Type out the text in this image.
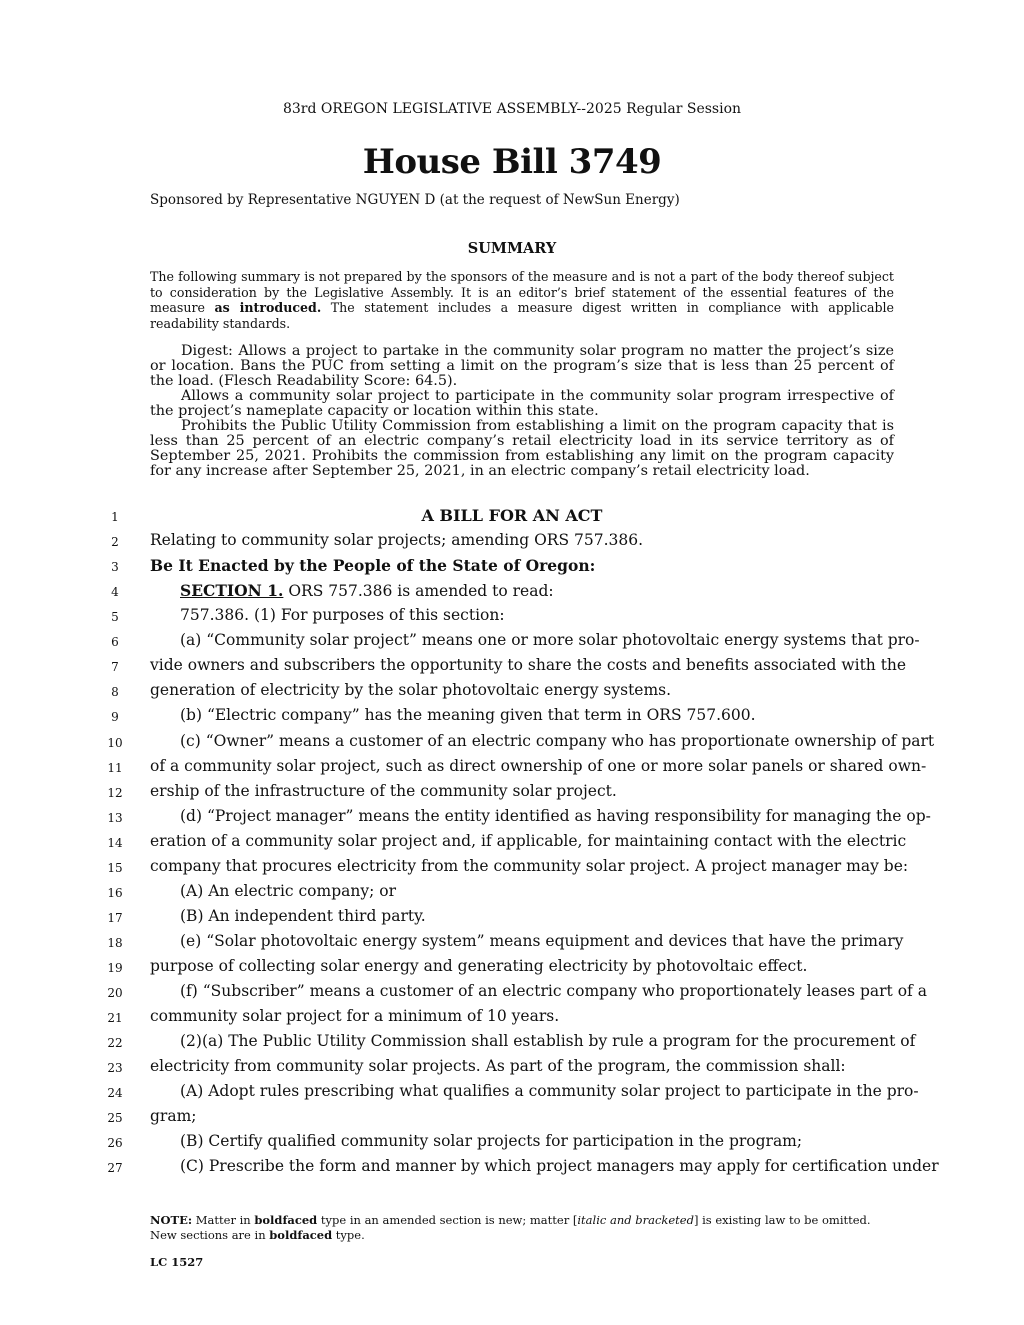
83rd OREGON LEGISLATIVE ASSEMBLY--2025 Regular Session
House Bill 3749
Sponsored by Representative NGUYEN D (at the request of NewSun Energy)
SUMMARY
The following summary is not prepared by the sponsors of the measure and is not a part of the body thereof subject to consideration by the Legislative Assembly. It is an editor’s brief statement of the essential features of the measure as introduced. The statement includes a measure digest written in compliance with applicable readability standards.

Digest: Allows a project to partake in the community solar program no matter the project’s size or location. Bans the PUC from setting a limit on the program’s size that is less than 25 percent of the load. (Flesch Readability Score: 64.5).

Allows a community solar project to participate in the community solar program irrespective of the project’s nameplate capacity or location within this state.

Prohibits the Public Utility Commission from establishing a limit on the program capacity that is less than 25 percent of an electric company’s retail electricity load in its service territory as of September 25, 2021. Prohibits the commission from establishing any limit on the program capacity for any increase after September 25, 2021, in an electric company’s retail electricity load.

1
2
3
4
5
6
7
8
9
10
11
12
13
14
15
16
17
18
19
20
21
22
23
24
25
26
27
A BILL FOR AN ACT
Relating to community solar projects; amending ORS 757.386.
Be It Enacted by the People of the State of Oregon:
SECTION 1. ORS 757.386 is amended to read:
757.386. (1) For purposes of this section:
(a) “Community solar project” means one or more solar photovoltaic energy systems that pro-
vide owners and subscribers the opportunity to share the costs and benefits associated with the
generation of electricity by the solar photovoltaic energy systems.
(b) “Electric company” has the meaning given that term in ORS 757.600.
(c) “Owner” means a customer of an electric company who has proportionate ownership of part
of a community solar project, such as direct ownership of one or more solar panels or shared own-
ership of the infrastructure of the community solar project.
(d) “Project manager” means the entity identified as having responsibility for managing the op-
eration of a community solar project and, if applicable, for maintaining contact with the electric
company that procures electricity from the community solar project. A project manager may be:
(A) An electric company; or
(B) An independent third party.
(e) “Solar photovoltaic energy system” means equipment and devices that have the primary
purpose of collecting solar energy and generating electricity by photovoltaic effect.
(f) “Subscriber” means a customer of an electric company who proportionately leases part of a
community solar project for a minimum of 10 years.
(2)(a) The Public Utility Commission shall establish by rule a program for the procurement of
electricity from community solar projects. As part of the program, the commission shall:
(A) Adopt rules prescribing what qualifies a community solar project to participate in the pro-
gram;
(B) Certify qualified community solar projects for participation in the program;
(C) Prescribe the form and manner by which project managers may apply for certification under
NOTE: Matter in boldfaced type in an amended section is new; matter [italic and bracketed] is existing law to be omitted.
New sections are in boldfaced type.
LC 1527
